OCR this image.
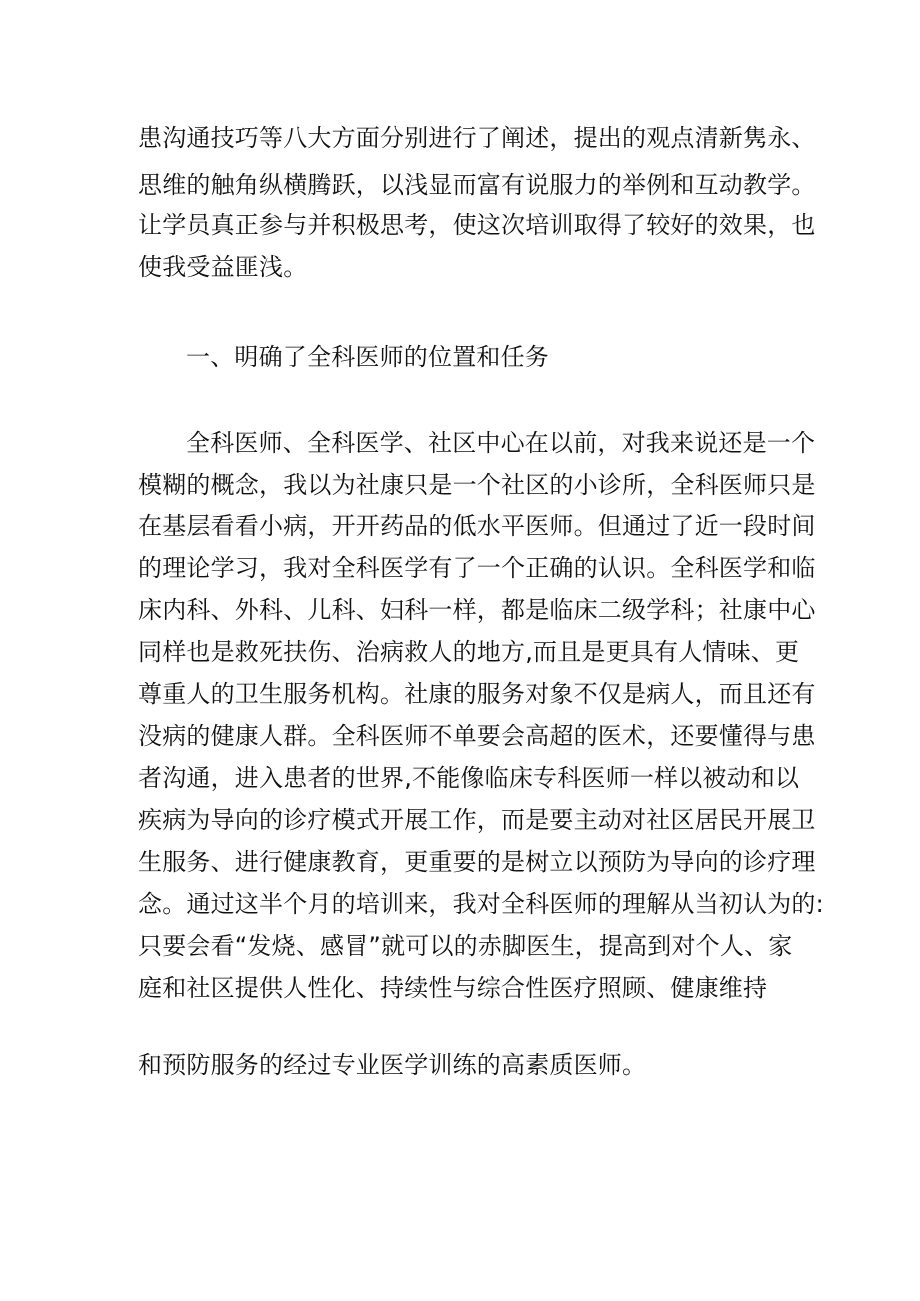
患沟通技巧等八大方面分别进行了阐述，提出的观点清新隽永、
思维的触角纵横腾跃，以浅显而富有说服力的举例和互动教学。
让学员真正参与并积极思考，使这次培训取得了较好的效果，也
使我受益匪浅。
一、明确了全科医师的位置和任务
全科医师、全科医学、社区中心在以前，对我来说还是一个
模糊的概念，我以为社康只是一个社区的小诊所，全科医师只是
在基层看看小病，开开药品的低水平医师。但通过了近一段时间
的理论学习，我对全科医学有了一个正确的认识。全科医学和临
床内科、外科、儿科、妇科一样，都是临床二级学科；社康中心
同样也是救死扶伤、治病救人的地方,而且是更具有人情味、更
尊重人的卫生服务机构。社康的服务对象不仅是病人，而且还有
没病的健康人群。全科医师不单要会高超的医术，还要懂得与患
者沟通，进入患者的世界,不能像临床专科医师一样以被动和以
疾病为导向的诊疗模式开展工作，而是要主动对社区居民开展卫
生服务、进行健康教育，更重要的是树立以预防为导向的诊疗理
念。通过这半个月的培训来，我对全科医师的理解从当初认为的:
只要会看“发烧、感冒”就可以的赤脚医生，提高到对个人、家
庭和社区提供人性化、持续性与综合性医疗照顾、健康维持
和预防服务的经过专业医学训练的高素质医师。
